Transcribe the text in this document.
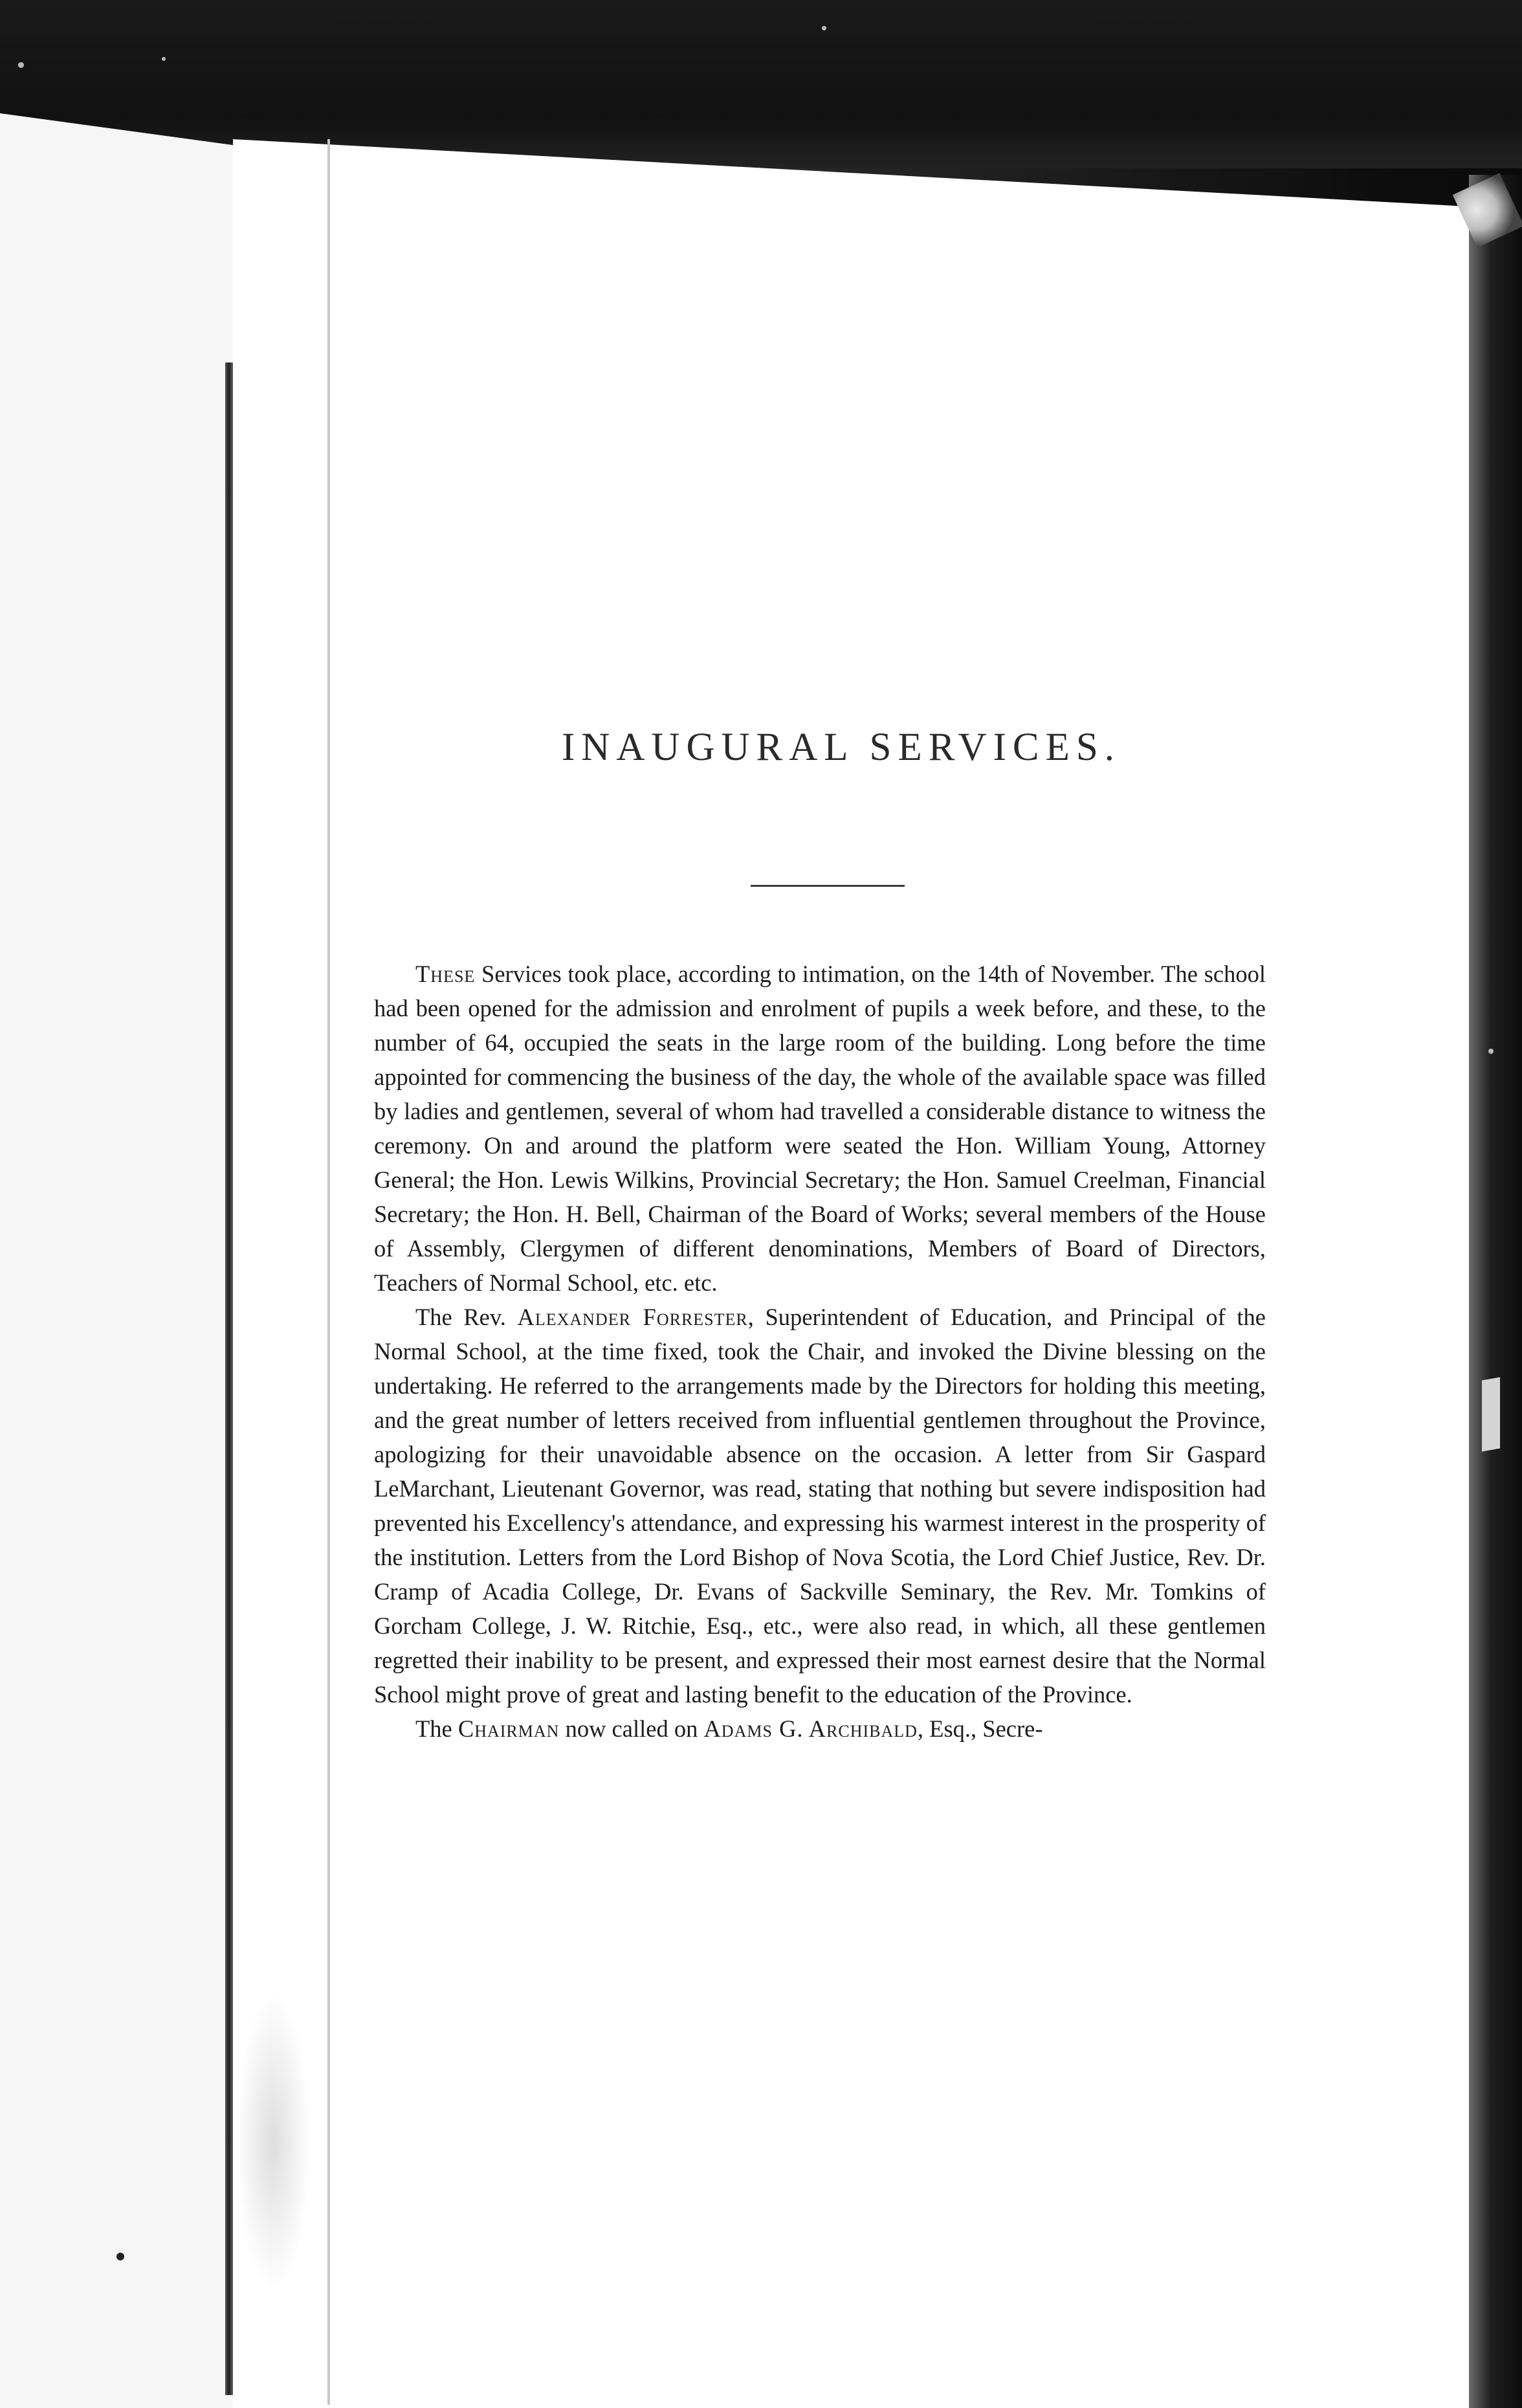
INAUGURAL SERVICES.

These Services took place, according to intimation, on the 14th of November. The school had been opened for the admission and enrolment of pupils a week before, and these, to the number of 64, occupied the seats in the large room of the building. Long before the time appointed for commencing the business of the day, the whole of the available space was filled by ladies and gentlemen, several of whom had travelled a considerable distance to witness the ceremony. On and around the platform were seated the Hon. William Young, Attorney General; the Hon. Lewis Wilkins, Provincial Secretary; the Hon. Samuel Creelman, Financial Secretary; the Hon. H. Bell, Chairman of the Board of Works; several members of the House of Assembly, Clergymen of different denominations, Members of Board of Directors, Teachers of Normal School, etc. etc.

The Rev. Alexander Forrester, Superintendent of Education, and Principal of the Normal School, at the time fixed, took the Chair, and invoked the Divine blessing on the undertaking. He referred to the arrangements made by the Directors for holding this meeting, and the great number of letters received from influential gentlemen throughout the Province, apologizing for their unavoidable absence on the occasion. A letter from Sir Gaspard LeMarchant, Lieutenant Governor, was read, stating that nothing but severe indisposition had prevented his Excellency's attendance, and expressing his warmest interest in the prosperity of the institution. Letters from the Lord Bishop of Nova Scotia, the Lord Chief Justice, Rev. Dr. Cramp of Acadia College, Dr. Evans of Sackville Seminary, the Rev. Mr. Tomkins of Gorcham College, J. W. Ritchie, Esq., etc., were also read, in which, all these gentlemen regretted their inability to be present, and expressed their most earnest desire that the Normal School might prove of great and lasting benefit to the education of the Province.

The Chairman now called on Adams G. Archibald, Esq., Secre-
